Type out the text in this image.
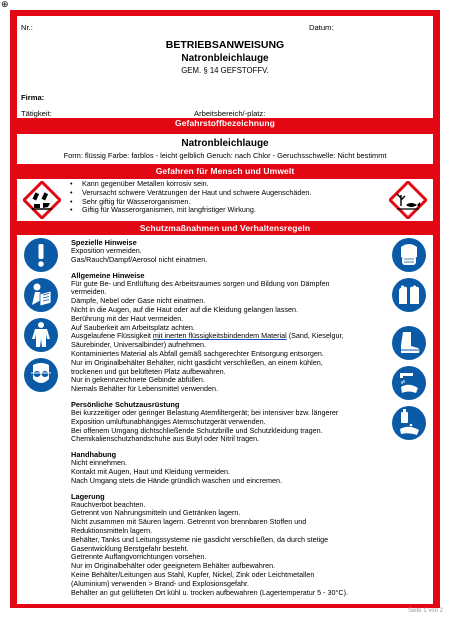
⊕
Nr.:	Datum:
BETRIEBSANWEISUNG
Natronbleichlauge
GEM. § 14 GEFSTOFFV.
Firma:
Tätigkeit:	Arbeitsbereich/-platz:
Gefahrstoffbezeichnung
Natronbleichlauge
Form: flüssig Farbe: farblos - leicht gelblich Geruch: nach Chlor - Geruchsschwelle: Nicht bestimmt
Gefahren für Mensch und Umwelt
• Kann gegenüber Metallen korrosiv sein.
• Verursacht schwere Verätzungen der Haut und schwere Augenschäden.
• Sehr giftig für Wasserorganismen.
• Giftig für Wasserorganismen, mit langfristiger Wirkung.
Schutzmaßnahmen und Verhaltensregeln

Spezielle Hinweise

Exposition vermeiden.

Gas/Rauch/Dampf/Aerosol nicht einatmen.

Allgemeine Hinweise

Für gute Be- und Entlüftung des Arbeitsraumes sorgen und Bildung von Dämpfen

vermeiden.

Dämpfe, Nebel oder Gase nicht einatmen.

Nicht in die Augen, auf die Haut oder auf die Kleidung gelangen lassen.

Berührung mit der Haut vermeiden.

Auf Sauberkeit am Arbeitsplatz achten.

Ausgelaufene Flüssigkeit mit inerten flüssigkeitsbindendem Material (Sand, Kieselgur,

Säurebinder, Universalbinder) aufnehmen.

Kontaminiertes Material als Abfall gemäß sachgerechter Entsorgung entsorgen.

Nur im Originalbehälter Behälter, nicht gasdicht verschließen, an einem kühlen,

trockenen und gut belüfteten Platz aufbewahren.

Nur in gekennzeichnete Gebinde abfüllen.

Niemals Behälter für Lebensmittel verwenden.

Persönliche Schutzausrüstung

Bei kurzzeitiger oder geringer Belastung Atemfiltergerät; bei intensiver bzw. längerer

Exposition umluftunabhängiges Atemschutzgerät verwenden.

Bei offenem Umgang dichtschließende Schutzbrille und Schutzkleidung tragen.

Chemikalienschutzhandschuhe aus Butyl oder Nitril tragen.

Handhabung

Nicht einnehmen.

Kontakt mit Augen, Haut und Kleidung vermeiden.

Nach Umgang stets die Hände gründlich waschen und eincremen.

Lagerung

Rauchverbot beachten.

Getrennt von Nahrungsmitteln und Getränken lagern.

Nicht zusammen mit Säuren lagern. Getrennt von brennbaren Stoffen und

Reduktionsmitteln lagern.

Behälter, Tanks und Leitungssysteme nie gasdicht verschließen, da durch stetige

Gasentwicklung Berstgefahr besteht.

Getrennte Auffangvorrichtungen vorsehen.

Nur im Originalbehälter oder geeignetem Behälter aufbewahren.

Keine Behälter/Leitungen aus Stahl, Kupfer, Nickel, Zink oder Leichtmetallen

(Aluminium) verwenden > Brand- und Explosionsgefahr.

Behälter an gut gelüfteten Ort kühl u. trocken aufbewahren (Lagertemperatur 5 - 30°C).

Seite 1 von 2
